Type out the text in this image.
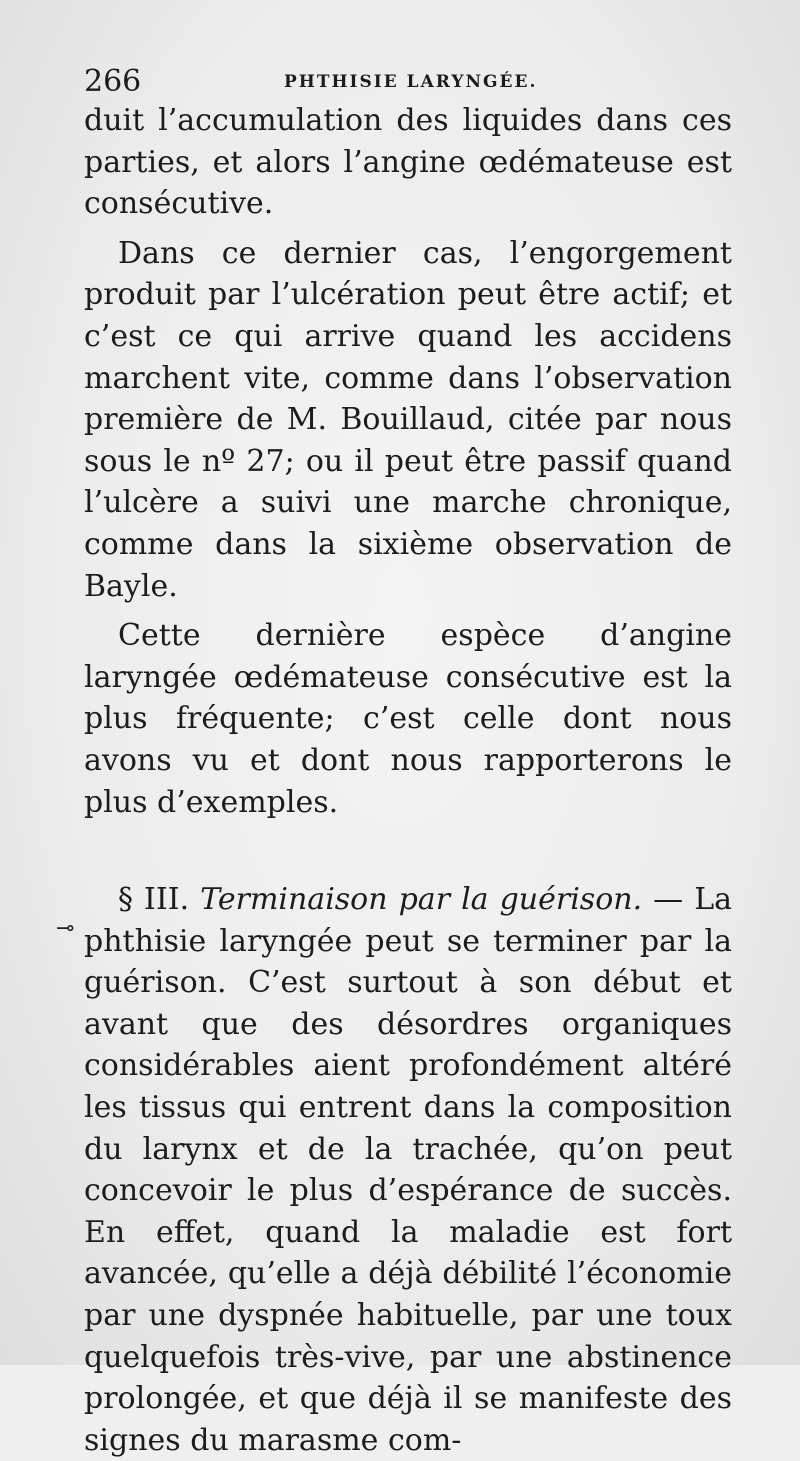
266	PHTHISIE LARYNGÉE.
⊸

duit l’accumulation des liquides dans ces parties, et alors l’angine œdémateuse est consécutive.

Dans ce dernier cas, l’engorgement produit par l’ulcération peut être actif; et c’est ce qui arrive quand les accidens marchent vite, comme dans l’observation première de M. Bouillaud, citée par nous sous le nº 27; ou il peut être passif quand l’ulcère a suivi une marche chronique, comme dans la sixième observation de Bayle.

Cette dernière espèce d’angine laryngée œdémateuse consécutive est la plus fréquente; c’est celle dont nous avons vu et dont nous rapporterons le plus d’exemples.

§ III. Terminaison par la guérison. — La phthisie laryngée peut se terminer par la guérison. C’est surtout à son début et avant que des désordres organiques considérables aient profondément altéré les tissus qui entrent dans la composition du larynx et de la trachée, qu’on peut concevoir le plus d’espérance de succès. En effet, quand la maladie est fort avancée, qu’elle a déjà débilité l’économie par une dyspnée habituelle, par une toux quelquefois très-vive, par une abstinence prolongée, et que déjà il se manifeste des signes du marasme com-
